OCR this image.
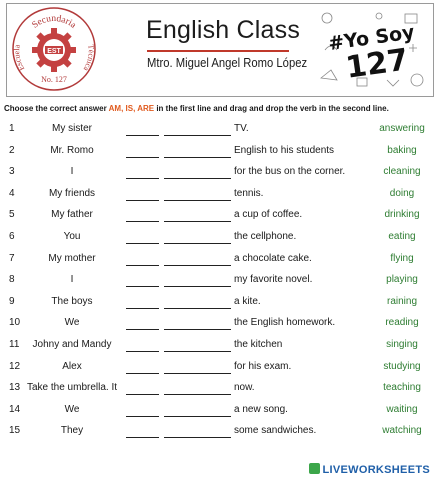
Secundaria
Escuela	Técnica
EST
No. 127
English Class
Mtro. Miguel Angel Romo López
#Yo Soy
127
Choose the correct answer AM, IS, ARE in the first line and drag and drop the verb in the second line.
1	My sister	TV.	answering
2	Mr. Romo	English to his students	baking
3	I	for the bus on the corner.	cleaning
4	My friends	tennis.	doing
5	My father	a cup of coffee.	drinking
6	You	the cellphone.	eating
7	My mother	a chocolate cake.	flying
8	I	my favorite novel.	playing
9	The boys	a kite.	raining
10	We	the English homework.	reading
11	Johny and Mandy	the kitchen	singing
12	Alex	for his exam.	studying
13 Take the umbrella. It	now.	teaching
14	We	a new song.	waiting
15	They	some sandwiches.	watching
LIVEWORKSHEETS
